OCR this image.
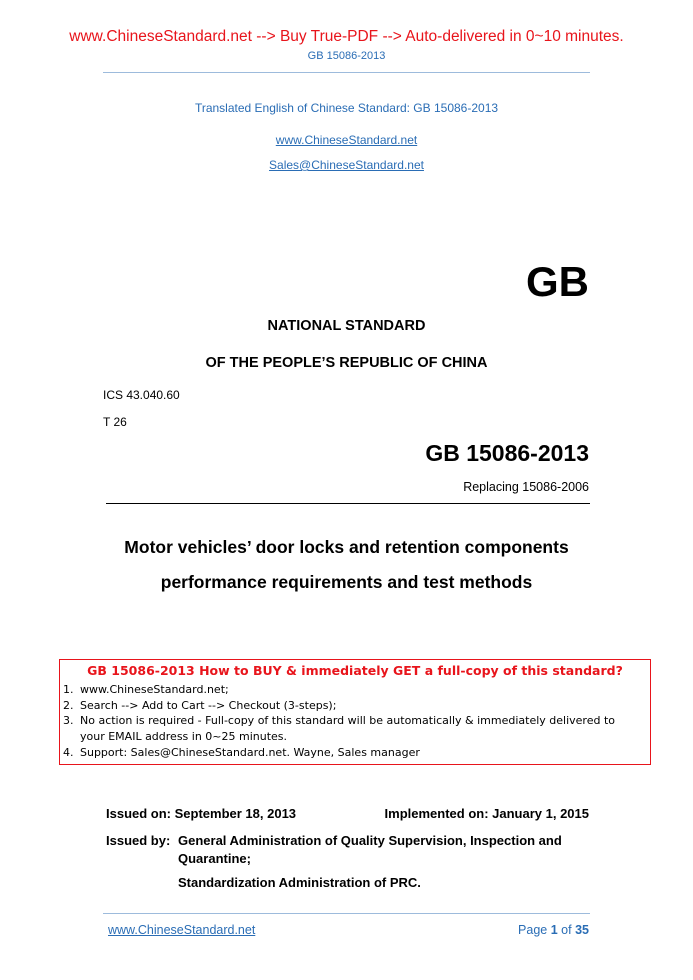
www.ChineseStandard.net --> Buy True-PDF --> Auto-delivered in 0~10 minutes.
GB 15086-2013
Translated English of Chinese Standard: GB 15086-2013
www.ChineseStandard.net
Sales@ChineseStandard.net
GB
NATIONAL STANDARD
OF THE PEOPLE’S REPUBLIC OF CHINA
ICS 43.040.60
T 26
GB 15086-2013
Replacing 15086-2006
Motor vehicles’ door locks and retention components
performance requirements and test methods
GB 15086-2013 How to BUY & immediately GET a full-copy of this standard?
1. www.ChineseStandard.net;
2. Search --> Add to Cart --> Checkout (3-steps);
3. No action is required - Full-copy of this standard will be automatically & immediately delivered to
your EMAIL address in 0~25 minutes.
4. Support: Sales@ChineseStandard.net. Wayne, Sales manager
Issued on: September 18, 2013	Implemented on: January 1, 2015
Issued by: General Administration of Quality Supervision, Inspection and
Quarantine;
Standardization Administration of PRC.
www.ChineseStandard.net	Page 1 of 35
